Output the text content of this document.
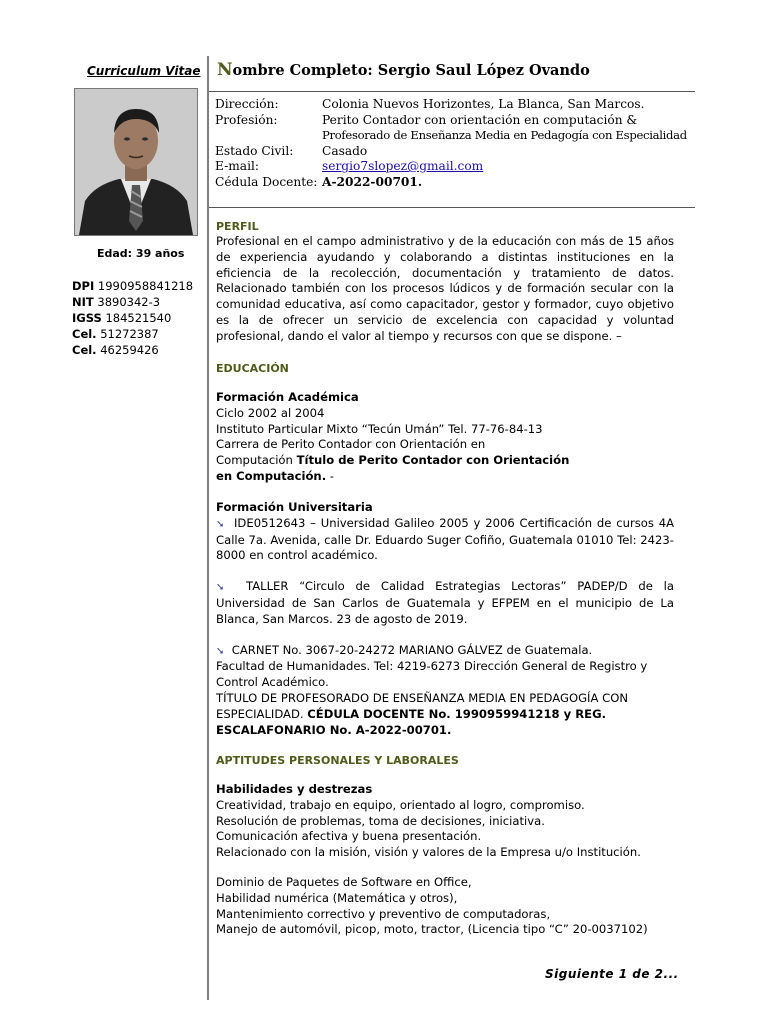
Curriculum Vitae
Edad: 39 años
DPI 1990958841218
NIT 3890342-3
IGSS 184521540
Cel. 51272387
Cel. 46259426
Nombre Completo: Sergio Saul López Ovando
Dirección:	Colonia Nuevos Horizontes, La Blanca, San Marcos.
Profesión:	Perito Contador con orientación en computación &
Profesorado de Enseñanza Media en Pedagogía con Especialidad
Estado Civil: Casado
E-mail:	sergio7slopez@gmail.com
Cédula Docente: A-2022-00701.
PERFIL
Profesional en el campo administrativo y de la educación con más de 15 años de experiencia ayudando y colaborando a distintas instituciones en la eficiencia de la recolección, documentación y tratamiento de datos. Relacionado también con los procesos lúdicos y de formación secular con la comunidad educativa, así como capacitador, gestor y formador, cuyo objetivo es la de ofrecer un servicio de excelencia con capacidad y voluntad profesional, dando el valor al tiempo y recursos con que se dispone. –
EDUCACIÓN
Formación Académica
Ciclo 2002 al 2004
Instituto Particular Mixto “Tecún Umán” Tel. 77-76-84-13
Carrera de Perito Contador con Orientación en
Computación Título de Perito Contador con Orientación
en Computación. -
Formación Universitaria
➘ IDE0512643 – Universidad Galileo 2005 y 2006 Certificación de cursos 4A Calle 7a. Avenida, calle Dr. Eduardo Suger Cofiño, Guatemala 01010 Tel: 2423-8000 en control académico.
➘ TALLER “Circulo de Calidad Estrategias Lectoras” PADEP/D de la Universidad de San Carlos de Guatemala y EFPEM en el municipio de La Blanca, San Marcos. 23 de agosto de 2019.
➘ CARNET No. 3067-20-24272 MARIANO GÁLVEZ de Guatemala.
Facultad de Humanidades. Tel: 4219-6273 Dirección General de Registro y Control Académico.
TÍTULO DE PROFESORADO DE ENSEÑANZA MEDIA EN PEDAGOGÍA CON ESPECIALIDAD. CÉDULA DOCENTE No. 1990959941218 y REG. ESCALAFONARIO No. A-2022-00701.
APTITUDES PERSONALES Y LABORALES
Habilidades y destrezas
Creatividad, trabajo en equipo, orientado al logro, compromiso.
Resolución de problemas, toma de decisiones, iniciativa.
Comunicación afectiva y buena presentación.
Relacionado con la misión, visión y valores de la Empresa u/o Institución.
Dominio de Paquetes de Software en Office,
Habilidad numérica (Matemática y otros),
Mantenimiento correctivo y preventivo de computadoras,
Manejo de automóvil, picop, moto, tractor, (Licencia tipo “C” 20-0037102)
Siguiente 1 de 2...
